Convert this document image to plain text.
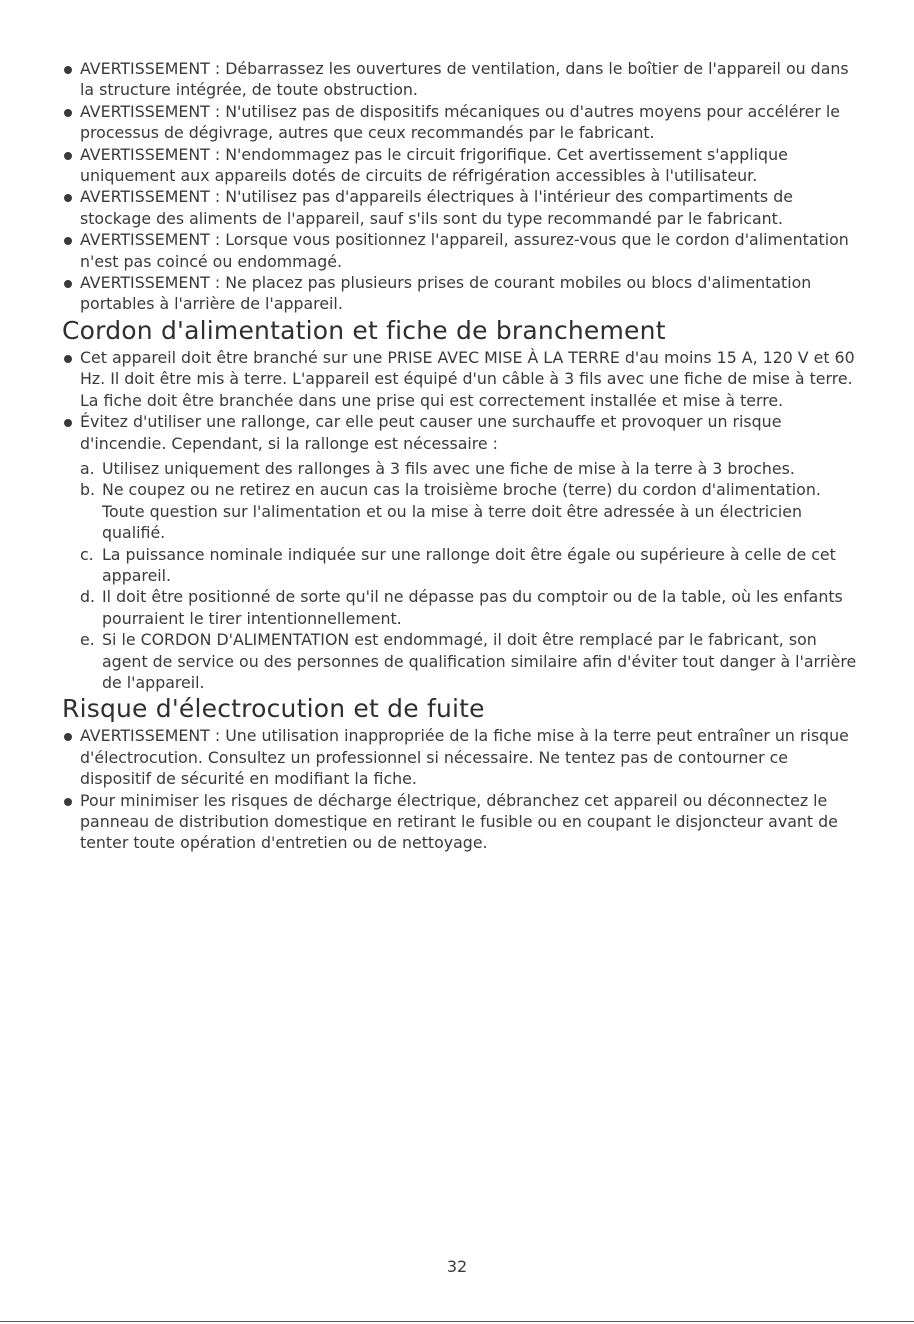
AVERTISSEMENT : Débarrassez les ouvertures de ventilation, dans le boîtier de l'appareil ou dans la structure intégrée, de toute obstruction.
AVERTISSEMENT : N'utilisez pas de dispositifs mécaniques ou d'autres moyens pour accélérer le processus de dégivrage, autres que ceux recommandés par le fabricant.
AVERTISSEMENT : N'endommagez pas le circuit frigorifique. Cet avertissement s'applique uniquement aux appareils dotés de circuits de réfrigération accessibles à l'utilisateur.
AVERTISSEMENT : N'utilisez pas d'appareils électriques à l'intérieur des compartiments de stockage des aliments de l'appareil, sauf s'ils sont du type recommandé par le fabricant.
AVERTISSEMENT : Lorsque vous positionnez l'appareil, assurez-vous que le cordon d'alimentation n'est pas coincé ou endommagé.
AVERTISSEMENT : Ne placez pas plusieurs prises de courant mobiles ou blocs d'alimentation portables à l'arrière de l'appareil.
Cordon d'alimentation et fiche de branchement
Cet appareil doit être branché sur une PRISE AVEC MISE À LA TERRE d'au moins 15 A, 120 V et 60 Hz. Il doit être mis à terre. L'appareil est équipé d'un câble à 3 fils avec une fiche de mise à terre. La fiche doit être branchée dans une prise qui est correctement installée et mise à terre.
Évitez d'utiliser une rallonge, car elle peut causer une surchauffe et provoquer un risque d'incendie. Cependant, si la rallonge est nécessaire :
a. Utilisez uniquement des rallonges à 3 fils avec une fiche de mise à la terre à 3 broches.
b. Ne coupez ou ne retirez en aucun cas la troisième broche (terre) du cordon d'alimentation. Toute question sur l'alimentation et ou la mise à terre doit être adressée à un électricien qualifié.
c. La puissance nominale indiquée sur une rallonge doit être égale ou supérieure à celle de cet appareil.
d. Il doit être positionné de sorte qu'il ne dépasse pas du comptoir ou de la table, où les enfants pourraient le tirer intentionnellement.
e. Si le CORDON D'ALIMENTATION est endommagé, il doit être remplacé par le fabricant, son agent de service ou des personnes de qualification similaire afin d'éviter tout danger à l'arrière de l'appareil.
Risque d'électrocution et de fuite
AVERTISSEMENT : Une utilisation inappropriée de la fiche mise à la terre peut entraîner un risque d'électrocution. Consultez un professionnel si nécessaire. Ne tentez pas de contourner ce dispositif de sécurité en modifiant la fiche.
Pour minimiser les risques de décharge électrique, débranchez cet appareil ou déconnectez le panneau de distribution domestique en retirant le fusible ou en coupant le disjoncteur avant de tenter toute opération d'entretien ou de nettoyage.
32
